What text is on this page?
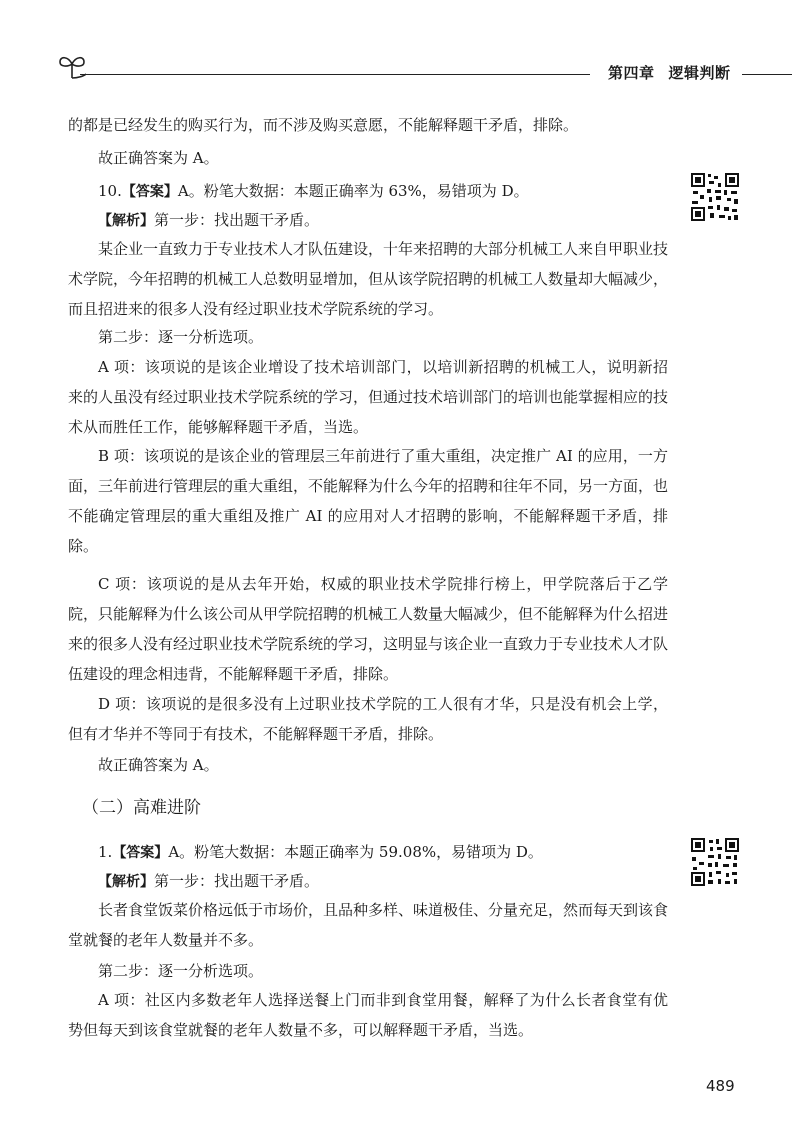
第四章 逻辑判断

的都是已经发生的购买行为，而不涉及购买意愿，不能解释题干矛盾，排除。

故正确答案为 A。

10.【答案】A。粉笔大数据：本题正确率为 63%，易错项为 D。

【解析】第一步：找出题干矛盾。

某企业一直致力于专业技术人才队伍建设，十年来招聘的大部分机械工人来自甲职业技术学院，今年招聘的机械工人总数明显增加，但从该学院招聘的机械工人数量却大幅减少，而且招进来的很多人没有经过职业技术学院系统的学习。

第二步：逐一分析选项。

A 项：该项说的是该企业增设了技术培训部门，以培训新招聘的机械工人，说明新招来的人虽没有经过职业技术学院系统的学习，但通过技术培训部门的培训也能掌握相应的技术从而胜任工作，能够解释题干矛盾，当选。

B 项：该项说的是该企业的管理层三年前进行了重大重组，决定推广 AI 的应用，一方面，三年前进行管理层的重大重组，不能解释为什么今年的招聘和往年不同，另一方面，也不能确定管理层的重大重组及推广 AI 的应用对人才招聘的影响，不能解释题干矛盾，排除。

C 项：该项说的是从去年开始，权威的职业技术学院排行榜上，甲学院落后于乙学院，只能解释为什么该公司从甲学院招聘的机械工人数量大幅减少，但不能解释为什么招进来的很多人没有经过职业技术学院系统的学习，这明显与该企业一直致力于专业技术人才队伍建设的理念相违背，不能解释题干矛盾，排除。

D 项：该项说的是很多没有上过职业技术学院的工人很有才华，只是没有机会上学，但有才华并不等同于有技术，不能解释题干矛盾，排除。

故正确答案为 A。

（二）高难进阶

1.【答案】A。粉笔大数据：本题正确率为 59.08%，易错项为 D。

【解析】第一步：找出题干矛盾。

长者食堂饭菜价格远低于市场价，且品种多样、味道极佳、分量充足，然而每天到该食堂就餐的老年人数量并不多。

第二步：逐一分析选项。

A 项：社区内多数老年人选择送餐上门而非到食堂用餐，解释了为什么长者食堂有优势但每天到该食堂就餐的老年人数量不多，可以解释题干矛盾，当选。

489
